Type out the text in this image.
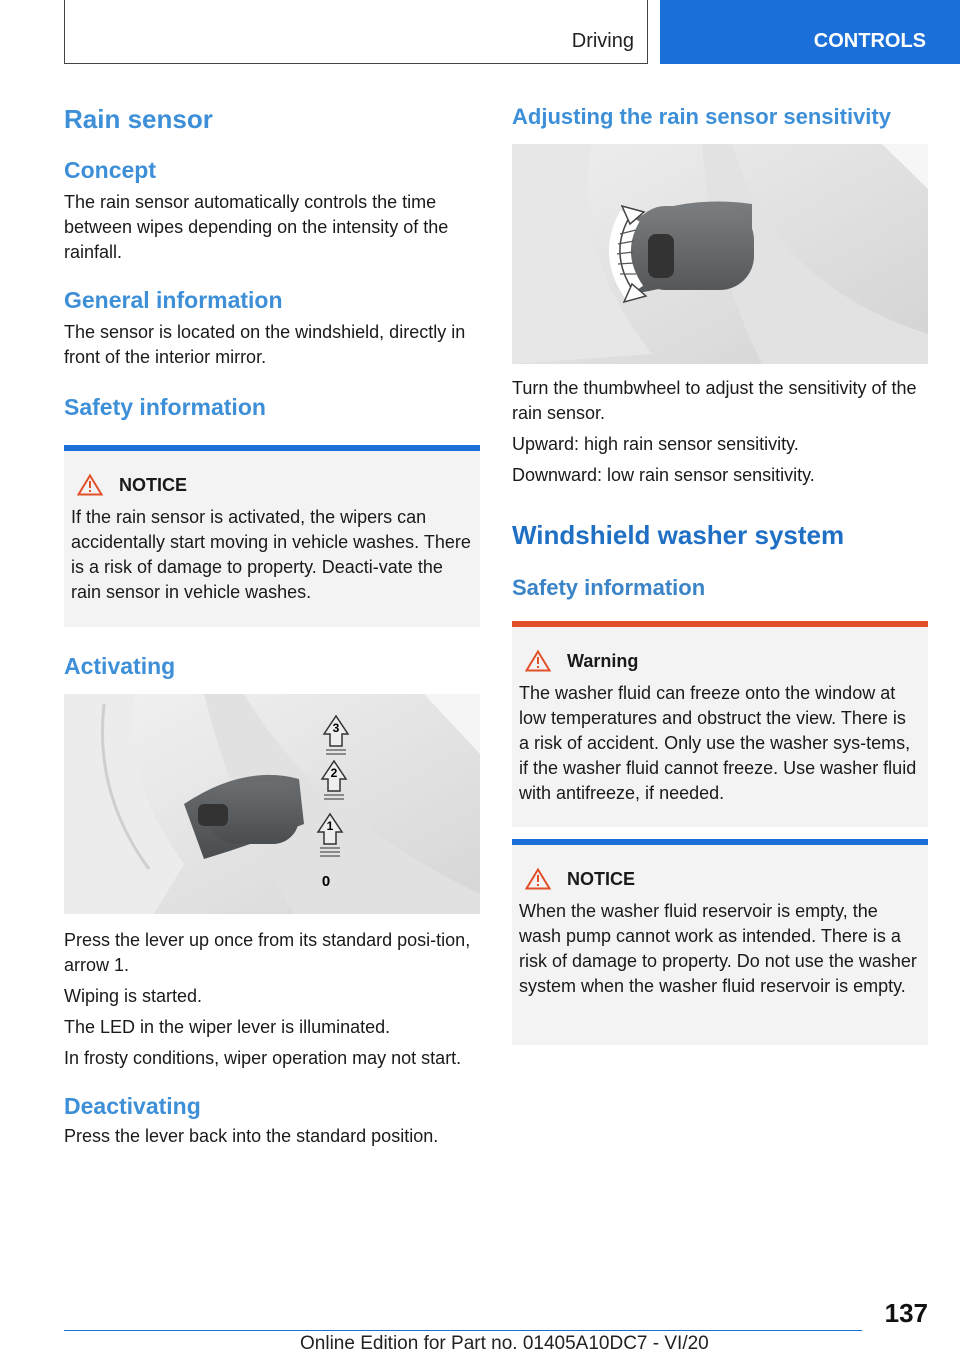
Driving	CONTROLS
Rain sensor
Concept

The rain sensor automatically controls the time between wipes depending on the intensity of the rainfall.

General information

The sensor is located on the windshield, directly in front of the interior mirror.

Safety information
NOTICE

If the rain sensor is activated, the wipers can accidentally start moving in vehicle washes. There is a risk of damage to property. Deacti-vate the rain sensor in vehicle washes.

Activating
3
2
1
0

Press the lever up once from its standard posi-tion, arrow 1.

Wiping is started.

The LED in the wiper lever is illuminated.

In frosty conditions, wiper operation may not start.

Deactivating

Press the lever back into the standard position.

Adjusting the rain sensor sensitivity

Turn the thumbwheel to adjust the sensitivity of the rain sensor.

Upward: high rain sensor sensitivity.

Downward: low rain sensor sensitivity.

Windshield washer system
Safety information
Warning

The washer fluid can freeze onto the window at low temperatures and obstruct the view. There is a risk of accident. Only use the washer sys-tems, if the washer fluid cannot freeze. Use washer fluid with antifreeze, if needed.

NOTICE

When the washer fluid reservoir is empty, the wash pump cannot work as intended. There is a risk of damage to property. Do not use the washer system when the washer fluid reservoir is empty.

137
Online Edition for Part no. 01405A10DC7 - VI/20
